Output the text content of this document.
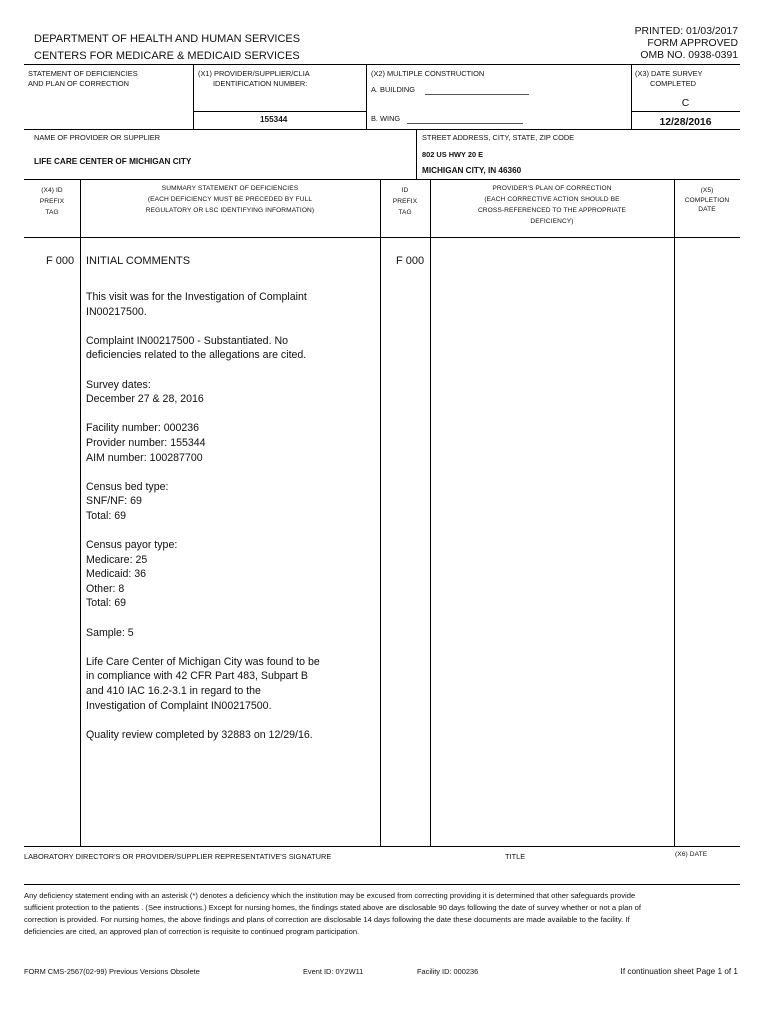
DEPARTMENT OF HEALTH AND HUMAN SERVICES
CENTERS FOR MEDICARE & MEDICAID SERVICES
PRINTED: 01/03/2017
FORM APPROVED
OMB NO. 0938-0391
STATEMENT OF DEFICIENCIES
AND PLAN OF CORRECTION
(X1) PROVIDER/SUPPLIER/CLIA
IDENTIFICATION NUMBER:
155344
(X2) MULTIPLE CONSTRUCTION
A. BUILDING
B. WING
(X3) DATE SURVEY
COMPLETED
C
12/28/2016
NAME OF PROVIDER OR SUPPLIER
LIFE CARE CENTER OF MICHIGAN CITY
STREET ADDRESS, CITY, STATE, ZIP CODE
802 US HWY 20 E
MICHIGAN CITY, IN 46360
(X4) ID
PREFIX
TAG
SUMMARY STATEMENT OF DEFICIENCIES
(EACH DEFICIENCY MUST BE PRECEDED BY FULL
REGULATORY OR LSC IDENTIFYING INFORMATION)
ID
PREFIX
TAG
PROVIDER'S PLAN OF CORRECTION
(EACH CORRECTIVE ACTION SHOULD BE
CROSS-REFERENCED TO THE APPROPRIATE
DEFICIENCY)
(X5)
COMPLETION
DATE
F 000 INITIAL COMMENTS	F 000

This visit was for the Investigation of Complaint
IN00217500.

Complaint IN00217500 - Substantiated. No
deficiencies related to the allegations are cited.

Survey dates:
December 27 & 28, 2016

Facility number: 000236
Provider number: 155344
AIM number: 100287700

Census bed type:
SNF/NF: 69
Total: 69

Census payor type:
Medicare: 25
Medicaid: 36
Other: 8
Total: 69

Sample: 5

Life Care Center of Michigan City was found to be
in compliance with 42 CFR Part 483, Subpart B
and 410 IAC 16.2-3.1 in regard to the
Investigation of Complaint IN00217500.

Quality review completed by 32883 on 12/29/16.

LABORATORY DIRECTOR'S OR PROVIDER/SUPPLIER REPRESENTATIVE'S SIGNATURE	TITLE	(X6) DATE
Any deficiency statement ending with an asterisk (*) denotes a deficiency which the institution may be excused from correcting providing it is determined that other safeguards provide sufficient protection to the patients . (See instructions.) Except for nursing homes, the findings stated above are disclosable 90 days following the date of survey whether or not a plan of correction is provided. For nursing homes, the above findings and plans of correction are disclosable 14 days following the date these documents are made available to the facility. If deficiencies are cited, an approved plan of correction is requisite to continued program participation.
FORM CMS-2567(02-99) Previous Versions Obsolete	Event ID: 0Y2W11	Facility ID: 000236	If continuation sheet Page 1 of 1
